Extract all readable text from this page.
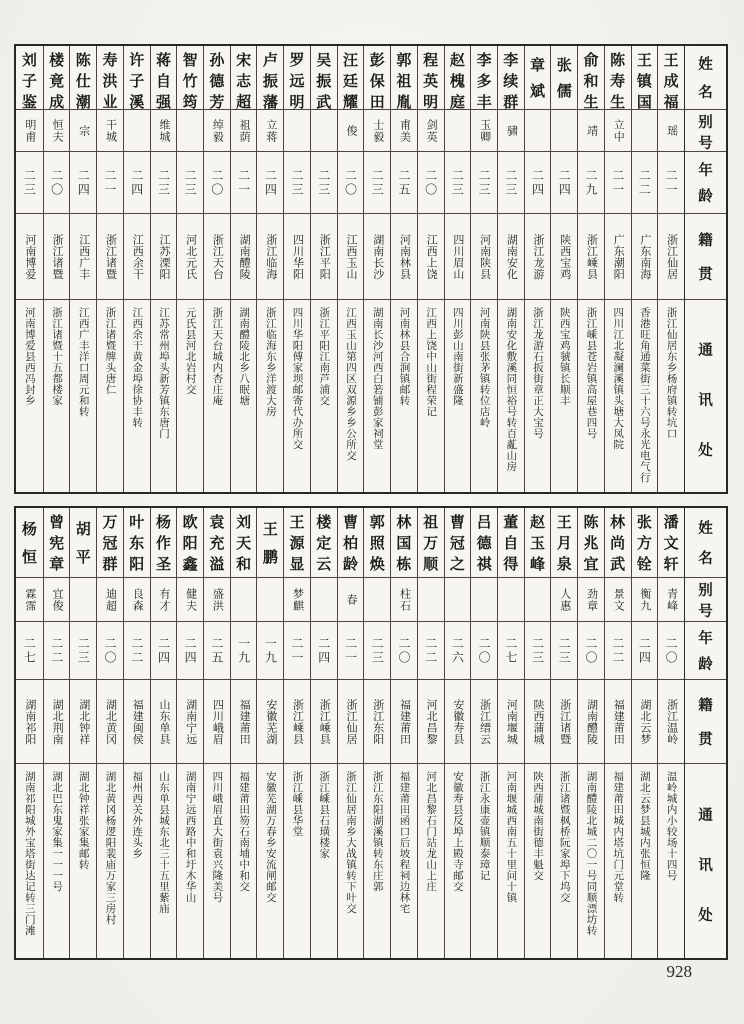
刘
子
鉴
明甫
二三
河南博爱
河南博爱县西冯封乡
楼
竟
成
恒夫
二〇
浙江诸暨
浙江诸暨十五都楼家
陈
仕
潮
宗
二四
江西广丰
江西广丰洋口周元和转
寿
洪
业
干城
二一
浙江诸暨
浙江诸暨牌头唐仁
许
子
溪
二四
江西余干
江西余干黄金埠徐协丰转
蒋
自
强
维城
二三
江苏溧阳
江苏常州埠头新芳镇东唐门
智
竹
筠
二三
河北元氏
元氏县河北岩村交
孙
德
芳
绰毅
二〇
浙江天台
浙江天台城内杏庄庵
宋
志
超
祖荫
二一
湖南醴陵
湖南醴陵北乡八眠塘
卢
振
藩
立蒋
二四
浙江临海
浙江临海东乡洋渡大房
罗
远
明
二三
四川华阳
四川华阳傅家坝邮寄代办所交
吴
振
武
二三
浙江平阳
浙江平阳江南芦浦交
汪
廷
耀
俊
二〇
江西玉山
江西玉山第四区双源乡乡公所交
彭
保
田
士毅
二三
湖南长沙
湖南长沙河西白箬铺彭家祠堂
郭
祖
胤
甫美
二五
河南林县
河南林县合涧镇邮转
程
英
明
剑英
二〇
江西上饶
江西上饶中山街程荣记
赵
槐
庭
二三
四川眉山
四川彭山南街新盛隆
李
多
丰
玉卿
二三
河南陕县
河南陕县张茅镇转位店岭
李
续
群
骕
二三
湖南安化
湖南安化敷溪同恒裕号转百薍山房
章
斌
二四
浙江龙游
浙江龙游石扳街章正大宝号
张
儒
二四
陕西宝鸡
陕西宝鸡虢镇长顺丰
俞
和
生
靖
二九
浙江嵊县
浙江嵊县苍岩镇高屋巷四号
陈
寿
生
立中
二一
广东潮阳
四川江北凝澜溪镇头塘大凤院
王
镇
国
二二
广东南海
香港旺角通菜街三十六号永光电气行
王
成
福
瑶
二一
浙江仙居
浙江仙居东乡杨府镇转坑口
姓
名
别
号
年
龄
籍
贯
通
讯
处
杨
恒
霖霈
二七
湖南祁阳
湖南祁阳城外宝塔街达记转三门滩
曾
宪
章
宜俊
二二
湖北荆南
湖北巴东鬼家集一一一号
胡
平
二三
湖北钟祥
湖北钟祥张家集邮转
万
冠
群
迪超
二〇
湖北黄冈
湖北黄冈杨逻阳裴庙万家三房村
叶
东
阳
良森
二二
福建闽侯
福州西关外连头乡
杨
作
圣
有才
二四
山东单县
山东单县城东北三十五里紫庙
欧
阳
鑫
健夫
二四
湖南宁远
湖南宁远西路中和圩木华山
袁
充
溢
盛洪
二五
四川峨眉
四川峨眉直大街袁兴隆美号
刘
天
和
一九
福建莆田
福建莆田笏石南埔中和交
王
鹏
一九
安徽芜湖
安徽芜湖万春乡安流闸邮交
王
源
显
梦麒
二一
浙江嵊县
浙江嵊县华堂
楼
定
云
二四
浙江嵊县
浙江嵊县石璜楼家
曹
柏
龄
春
二一
浙江仙居
浙江仙居南乡大战镇转下叶交
郭
照
焕
二三
浙江东阳
浙江东阳湖溪镇转东庄郭
林
国
栋
柱石
二〇
福建莆田
福建莆田函口后坡程祠边林宅
祖
万
顺
二二
河北昌黎
河北昌黎石门站龙山上庄
曹
冠
之
二六
安徽寿县
安徽寿县反埠上殿寺邮交
吕
德
祺
二〇
浙江缙云
浙江永康壶镇顺泰璋记
董
自
得
二七
河南堰城
河南堰城西南五十里问十镇
赵
玉
峰
二三
陕西蒲城
陕西蒲城南街德丰魁交
王
月
泉
人惠
二三
浙江诸暨
浙江诸暨枫桥阮家埠下坞交
陈
兆
宜
劲章
二〇
湖南醴陵
湖南醴陵北城二〇一号同顺漂坊转
林
尚
武
景文
二二
福建莆田
福建莆田城内塔坑门元堂转
张
方
铨
衡九
二四
湖北云梦
湖北云梦县城内张恒隆
潘
文
轩
青峰
二〇
浙江温岭
温岭城内小较场十四号
姓
名
别
号
年
龄
籍
贯
通
讯
处
928
